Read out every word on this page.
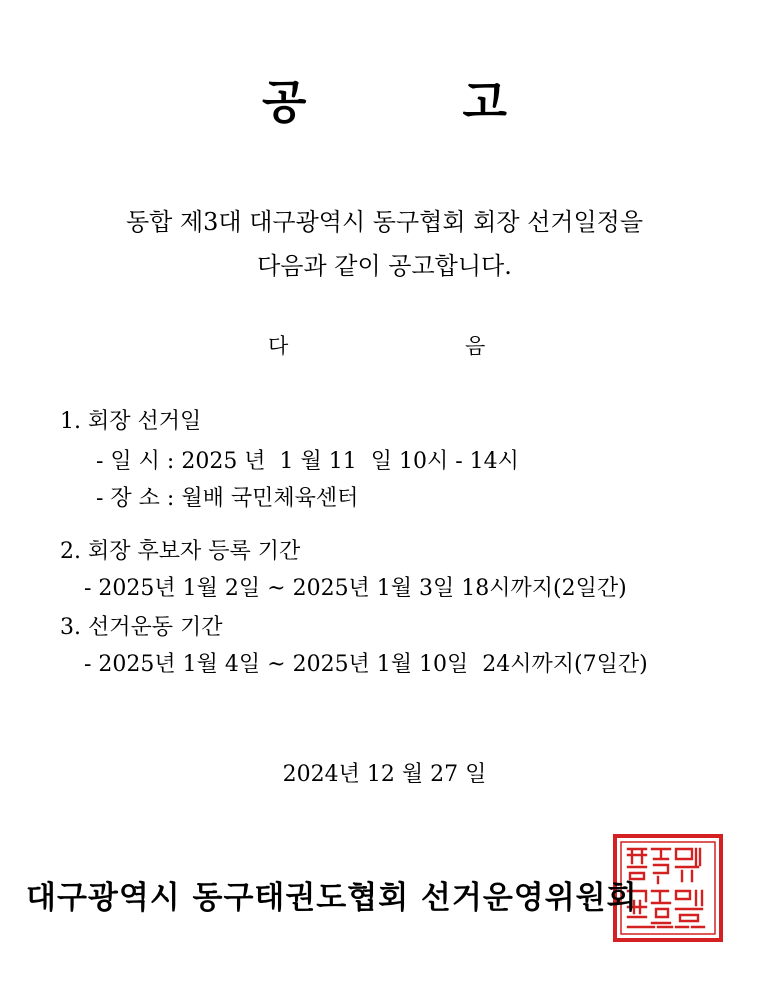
공 고
동합 제3대 대구광역시 동구협회 회장 선거일정을
다음과 같이 공고합니다.
다	음
1. 회장 선거일
- 일 시 : 2025 년  1 월 11  일 10시 - 14시
- 장 소 : 월배 국민체육센터
2. 회장 후보자 등록 기간
- 2025년 1월 2일 ~ 2025년 1월 3일 18시까지(2일간)
3. 선거운동 기간
- 2025년 1월 4일 ~ 2025년 1월 10일  24시까지(7일간)
2024년 12 월 27 일
대구광역시 동구태권도협회 선거운영위원회
